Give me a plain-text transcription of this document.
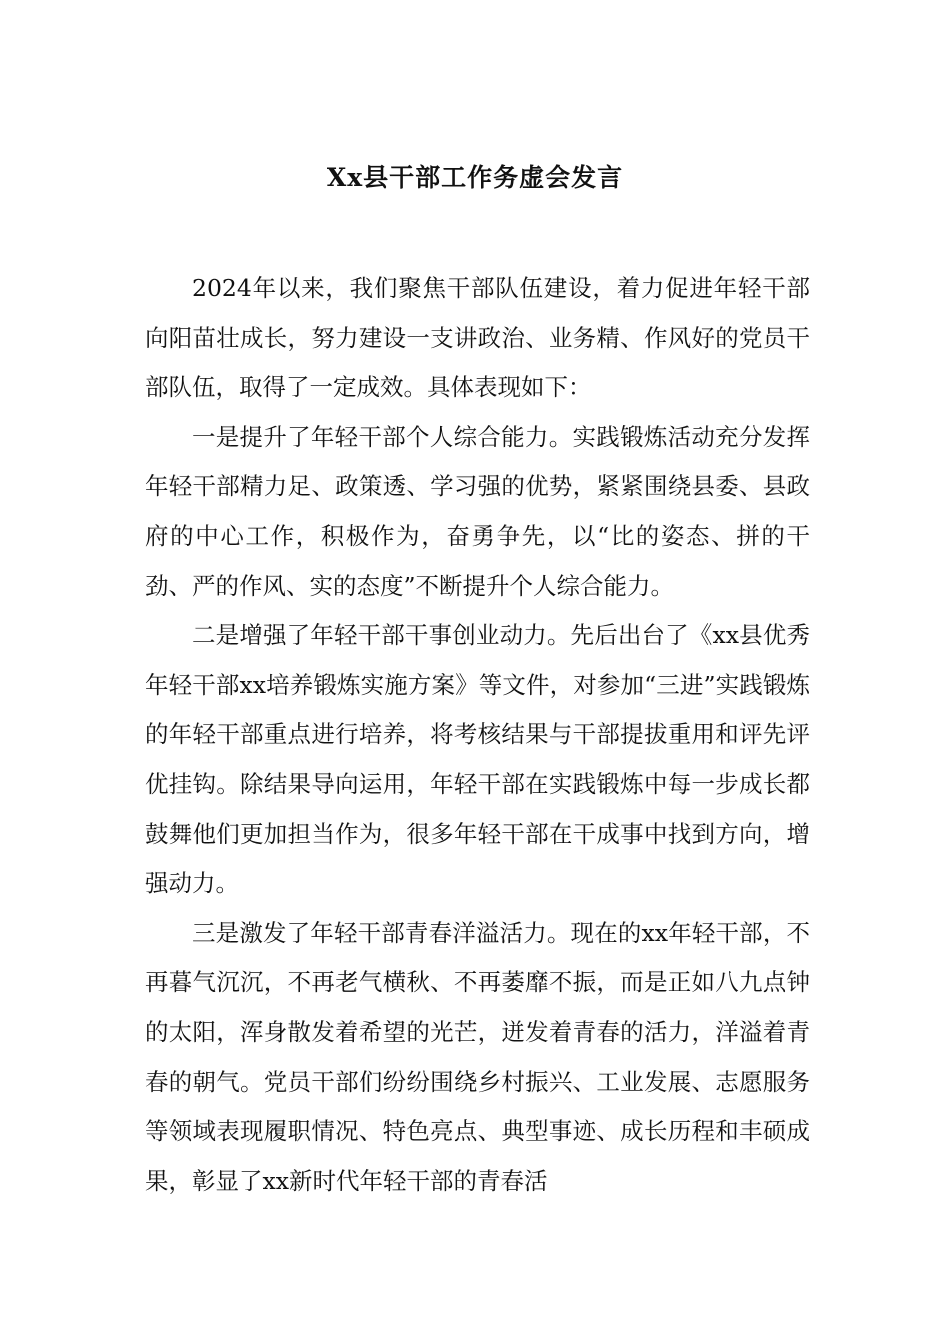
Xx县干部工作务虚会发言

2024年以来，我们聚焦干部队伍建设，着力促进年轻干部向阳苗壮成长，努力建设一支讲政治、业务精、作风好的党员干部队伍，取得了一定成效。具体表现如下：

一是提升了年轻干部个人综合能力。实践锻炼活动充分发挥年轻干部精力足、政策透、学习强的优势，紧紧围绕县委、县政府的中心工作，积极作为，奋勇争先，以“比的姿态、拼的干劲、严的作风、实的态度”不断提升个人综合能力。

二是增强了年轻干部干事创业动力。先后出台了《xx县优秀年轻干部xx培养锻炼实施方案》等文件，对参加“三进”实践锻炼的年轻干部重点进行培养，将考核结果与干部提拔重用和评先评优挂钩。除结果导向运用，年轻干部在实践锻炼中每一步成长都鼓舞他们更加担当作为，很多年轻干部在干成事中找到方向，增强动力。

三是激发了年轻干部青春洋溢活力。现在的xx年轻干部，不再暮气沉沉，不再老气横秋、不再萎靡不振，而是正如八九点钟的太阳，浑身散发着希望的光芒，迸发着青春的活力，洋溢着青春的朝气。党员干部们纷纷围绕乡村振兴、工业发展、志愿服务等领域表现履职情况、特色亮点、典型事迹、成长历程和丰硕成果，彰显了xx新时代年轻干部的青春活
